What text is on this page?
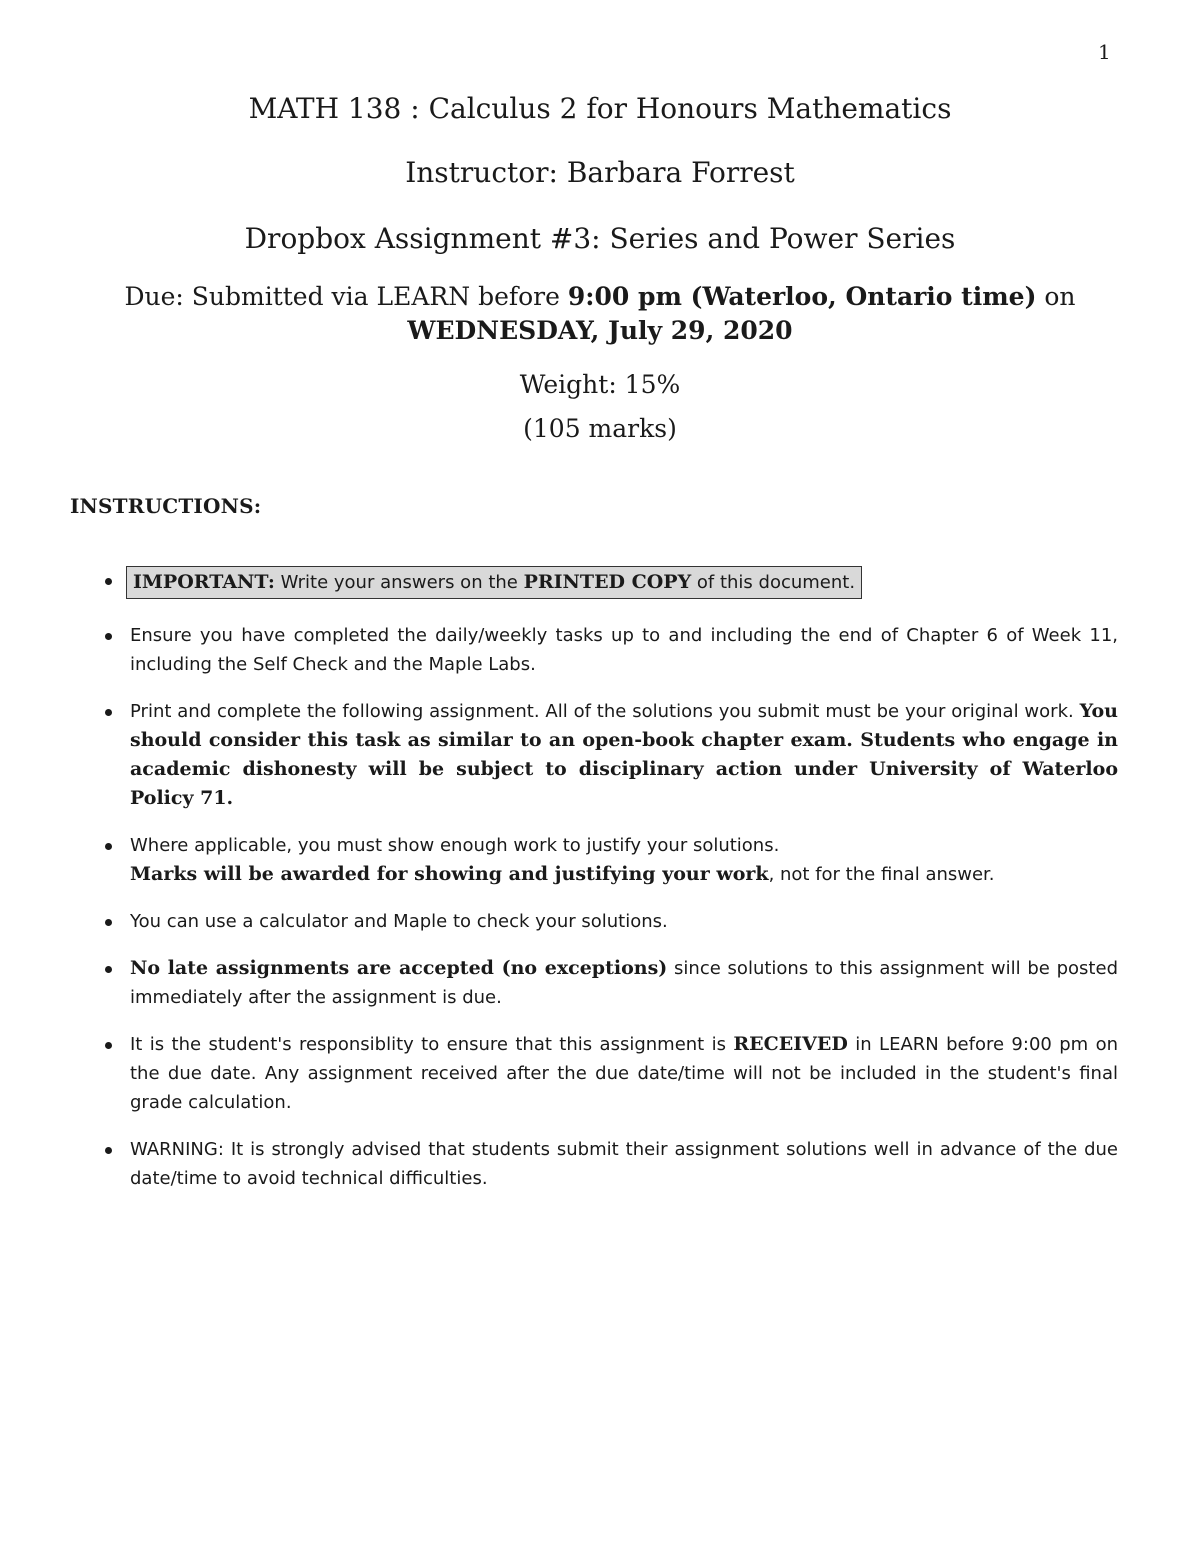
1
MATH 138 : Calculus 2 for Honours Mathematics
Instructor: Barbara Forrest
Dropbox Assignment #3: Series and Power Series
Due: Submitted via LEARN before 9:00 pm (Waterloo, Ontario time) on
WEDNESDAY, July 29, 2020
Weight: 15%
(105 marks)
INSTRUCTIONS:
IMPORTANT: Write your answers on the PRINTED COPY of this document.
Ensure you have completed the daily/weekly tasks up to and including the end of Chapter 6 of Week 11, including the Self Check and the Maple Labs.
Print and complete the following assignment. All of the solutions you submit must be your original work. You should consider this task as similar to an open-book chapter exam. Students who engage in academic dishonesty will be subject to disciplinary action under University of Waterloo Policy 71.
Where applicable, you must show enough work to justify your solutions.
Marks will be awarded for showing and justifying your work, not for the final answer.
You can use a calculator and Maple to check your solutions.
No late assignments are accepted (no exceptions) since solutions to this assignment will be posted immediately after the assignment is due.
It is the student's responsiblity to ensure that this assignment is RECEIVED in LEARN before 9:00 pm on the due date. Any assignment received after the due date/time will not be included in the student's final grade calculation.
WARNING: It is strongly advised that students submit their assignment solutions well in advance of the due date/time to avoid technical difficulties.
